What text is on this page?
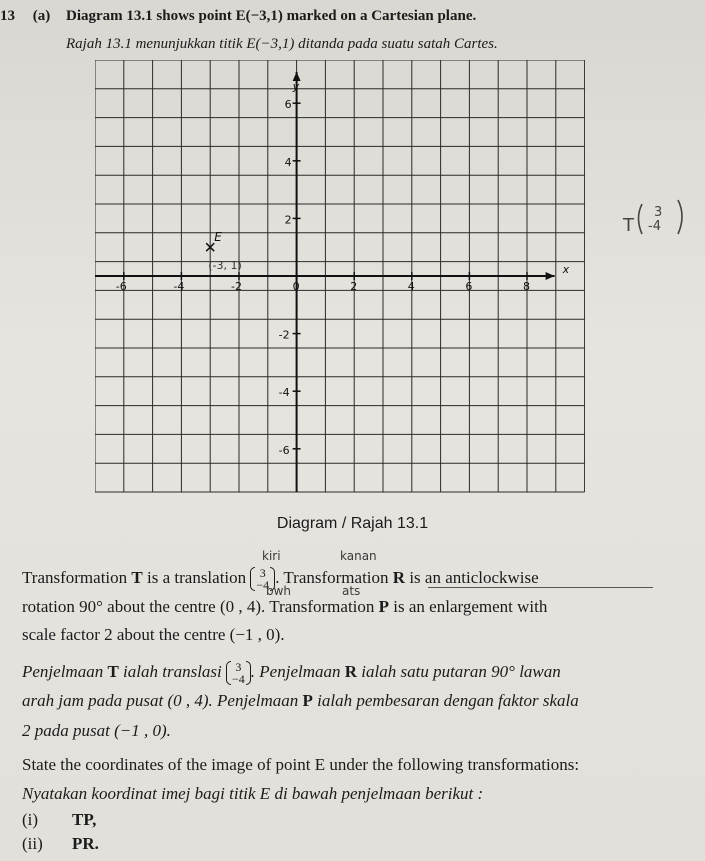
13 (a) Diagram 13.1 shows point E(−3,1) marked on a Cartesian plane.
Rajah 13.1 menunjukkan titik E(−3,1) ditanda pada suatu satah Cartes.
x
y
-6	-4	-2	0	2	4	6	8
2
4
6
-2
-4
-6
E
(-3, 1)
T
3
-4
Diagram / Rajah 13.1
Transformation T is a translation 3
−4 . Transformation R is an anticlockwise
kiri	kanan
bwh	ats
rotation 90° about the centre (0 , 4). Transformation P is an enlargement with
scale factor 2 about the centre (−1 , 0).
Penjelmaan T ialah translasi 3
−4 . Penjelmaan R ialah satu putaran 90° lawan
arah jam pada pusat (0 , 4). Penjelmaan P ialah pembesaran dengan faktor skala
2 pada pusat (−1 , 0).
State the coordinates of the image of point E under the following transformations:
Nyatakan koordinat imej bagi titik E di bawah penjelmaan berikut :
(i) TP,
(ii) PR.
